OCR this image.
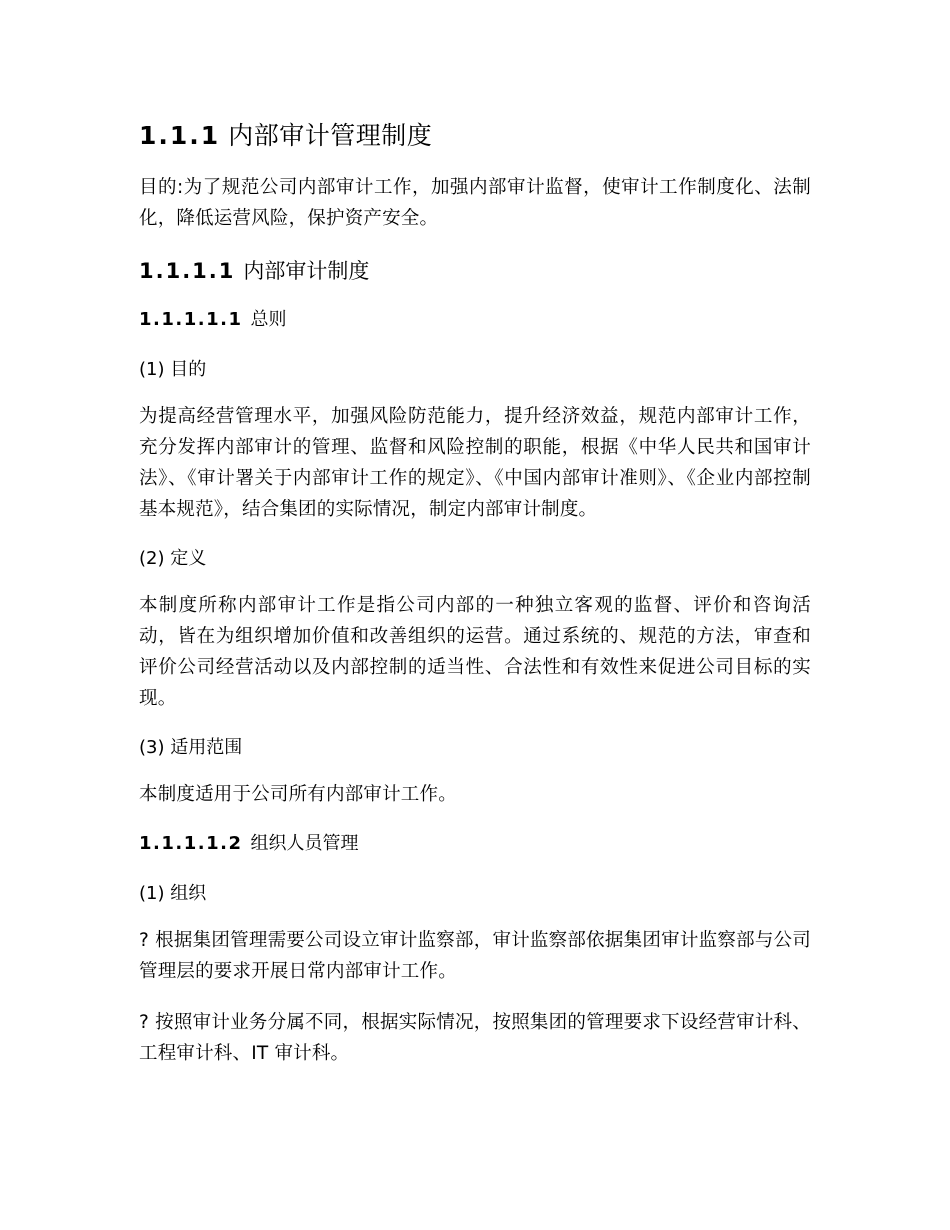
1.1.1 内部审计管理制度
目的:为了规范公司内部审计工作，加强内部审计监督，使审计工作制度化、法制化，降低运营风险，保护资产安全。
1.1.1.1 内部审计制度
1.1.1.1.1 总则
(1) 目的
为提高经营管理水平，加强风险防范能力，提升经济效益，规范内部审计工作，充分发挥内部审计的管理、监督和风险控制的职能，根据《中华人民共和国审计法》、《审计署关于内部审计工作的规定》、《中国内部审计准则》、《企业内部控制基本规范》，结合集团的实际情况，制定内部审计制度。
(2) 定义
本制度所称内部审计工作是指公司内部的一种独立客观的监督、评价和咨询活动，皆在为组织增加价值和改善组织的运营。通过系统的、规范的方法，审查和评价公司经营活动以及内部控制的适当性、合法性和有效性来促进公司目标的实现。
(3) 适用范围
本制度适用于公司所有内部审计工作。
1.1.1.1.2 组织人员管理
(1) 组织
? 根据集团管理需要公司设立审计监察部，审计监察部依据集团审计监察部与公司管理层的要求开展日常内部审计工作。
? 按照审计业务分属不同，根据实际情况，按照集团的管理要求下设经营审计科、工程审计科、IT 审计科。
